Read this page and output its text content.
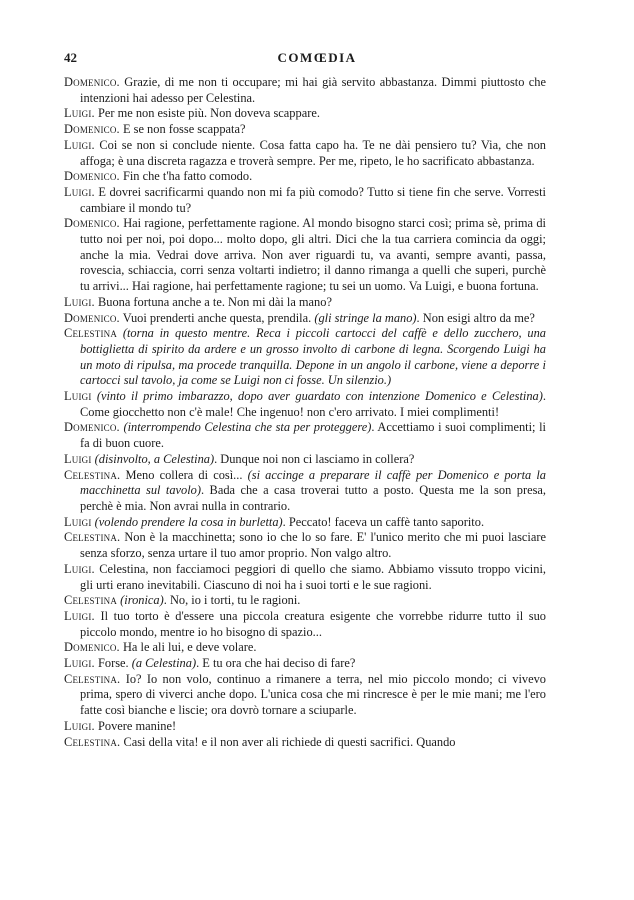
42	COMŒDIA

Domenico. Grazie, di me non ti occupare; mi hai già servito abbastanza. Dimmi piuttosto che intenzioni hai adesso per Celestina.

Luigi. Per me non esiste più. Non doveva scappare.

Domenico. E se non fosse scappata?

Luigi. Coi se non si conclude niente. Cosa fatta capo ha. Te ne dài pensiero tu? Via, che non affoga; è una discreta ragazza e troverà sempre. Per me, ripeto, le ho sacrificato abbastanza.

Domenico. Fin che t'ha fatto comodo.

Luigi. E dovrei sacrificarmi quando non mi fa più comodo? Tutto si tiene fin che serve. Vorresti cambiare il mondo tu?

Domenico. Hai ragione, perfettamente ragione. Al mondo bisogno starci così; prima sè, prima di tutto noi per noi, poi dopo... molto dopo, gli altri. Dici che la tua carriera comincia da oggi; anche la mia. Vedrai dove arriva. Non aver riguardi tu, va avanti, sempre avanti, passa, rovescia, schiaccia, corri senza voltarti indietro; il danno rimanga a quelli che superi, purchè tu arrivi... Hai ragione, hai perfettamente ragione; tu sei un uomo. Va Luigi, e buona fortuna.

Luigi. Buona fortuna anche a te. Non mi dài la mano?

Domenico. Vuoi prenderti anche questa, prendila. (gli stringe la mano). Non esigi altro da me?

Celestina (torna in questo mentre. Reca i piccoli cartocci del caffè e dello zucchero, una bottiglietta di spirito da ardere e un grosso involto di carbone di legna. Scorgendo Luigi ha un moto di ripulsa, ma procede tranquilla. Depone in un angolo il carbone, viene a deporre i cartocci sul tavolo, ja come se Luigi non ci fosse. Un silenzio.)

Luigi (vinto il primo imbarazzo, dopo aver guardato con intenzione Domenico e Celestina). Come giocchetto non c'è male! Che ingenuo! non c'ero arrivato. I miei complimenti!

Domenico. (interrompendo Celestina che sta per proteggere). Accettiamo i suoi complimenti; li fa di buon cuore.

Luigi (disinvolto, a Celestina). Dunque noi non ci lasciamo in collera?

Celestina. Meno collera di così... (si accinge a preparare il caffè per Domenico e porta la macchinetta sul tavolo). Bada che a casa troverai tutto a posto. Questa me la son presa, perchè è mia. Non avrai nulla in contrario.

Luigi (volendo prendere la cosa in burletta). Peccato! faceva un caffè tanto saporito.

Celestina. Non è la macchinetta; sono io che lo so fare. E' l'unico merito che mi puoi lasciare senza sforzo, senza urtare il tuo amor proprio. Non valgo altro.

Luigi. Celestina, non facciamoci peggiori di quello che siamo. Abbiamo vissuto troppo vicini, gli urti erano inevitabili. Ciascuno di noi ha i suoi torti e le sue ragioni.

Celestina (ironica). No, io i torti, tu le ragioni.

Luigi. Il tuo torto è d'essere una piccola creatura esigente che vorrebbe ridurre tutto il suo piccolo mondo, mentre io ho bisogno di spazio...

Domenico. Ha le ali lui, e deve volare.

Luigi. Forse. (a Celestina). E tu ora che hai deciso di fare?

Celestina. Io? Io non volo, continuo a rimanere a terra, nel mio piccolo mondo; ci vivevo prima, spero di viverci anche dopo. L'unica cosa che mi rincresce è per le mie mani; me l'ero fatte così bianche e liscie; ora dovrò tornare a sciuparle.

Luigi. Povere manine!

Celestina. Casi della vita! e il non aver ali richiede di questi sacrifici. Quando
